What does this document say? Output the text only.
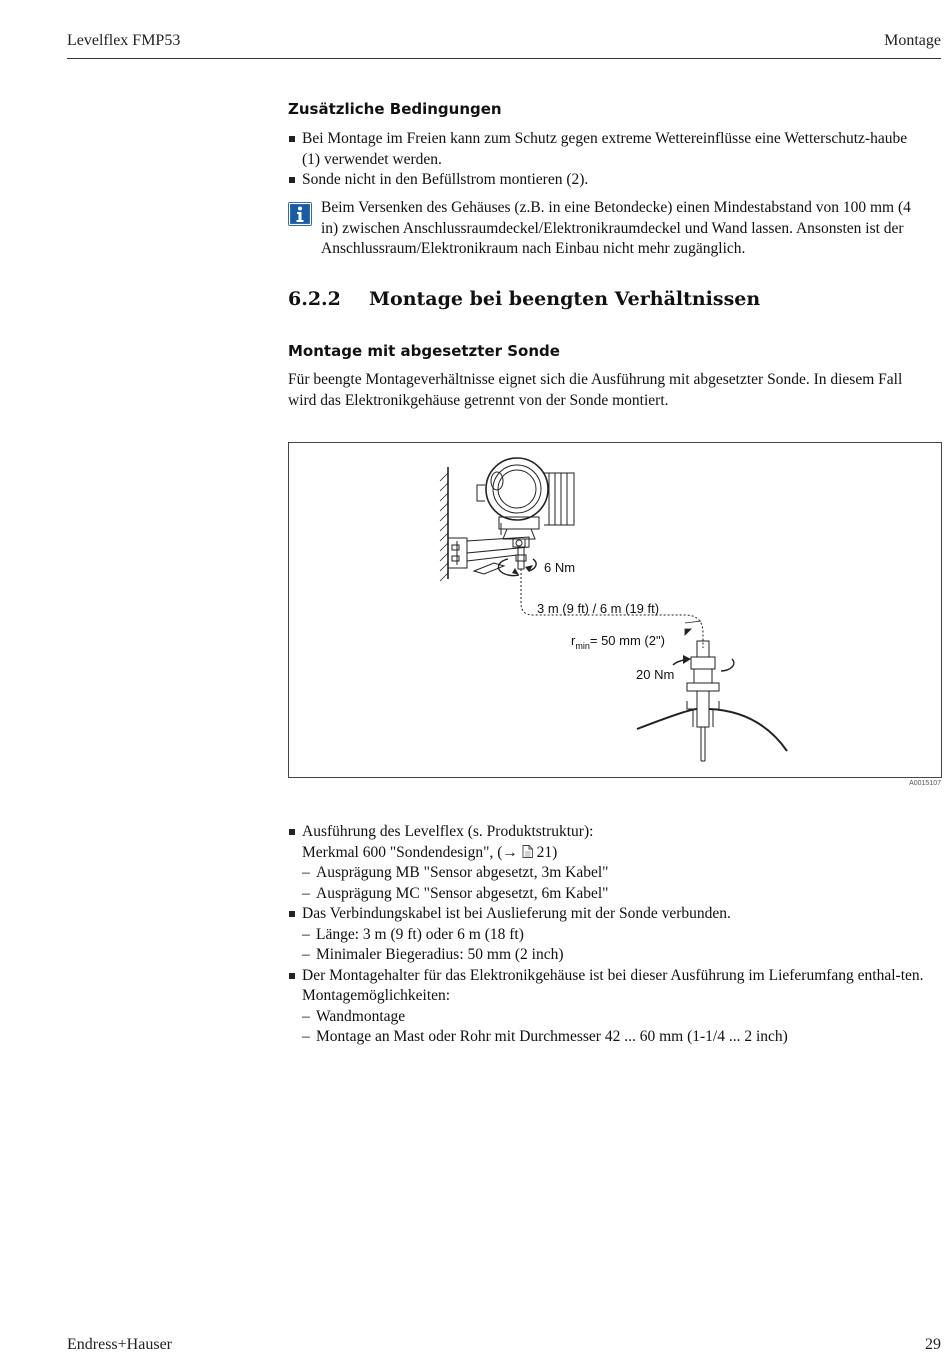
Levelflex FMP53	Montage
Zusätzliche Bedingungen
Bei Montage im Freien kann zum Schutz gegen extreme Wettereinflüsse eine Wetterschutz-haube (1) verwendet werden.
Sonde nicht in den Befüllstrom montieren (2).
Beim Versenken des Gehäuses (z.B. in eine Betondecke) einen Mindestabstand von 100 mm (4 in) zwischen Anschlussraumdeckel/Elektronikraumdeckel und Wand lassen. Ansonsten ist der Anschlussraum/Elektronikraum nach Einbau nicht mehr zugänglich.
6.2.2 Montage bei beengten Verhältnissen
Montage mit abgesetzter Sonde
Für beengte Montageverhältnisse eignet sich die Ausführung mit abgesetzter Sonde. In diesem Fall wird das Elektronikgehäuse getrennt von der Sonde montiert.
6 Nm
3 m (9 ft) / 6 m (19 ft)
$r_{min}= 50$ mm (2")
20 Nm
A0015107
Ausführung des Levelflex (s. Produktstruktur):
Merkmal 600 "Sondendesign", (→  21)
– Ausprägung MB "Sensor abgesetzt, 3m Kabel"
– Ausprägung MC "Sensor abgesetzt, 6m Kabel"
Das Verbindungskabel ist bei Auslieferung mit der Sonde verbunden.
– Länge: 3 m (9 ft) oder 6 m (18 ft)
– Minimaler Biegeradius: 50 mm (2 inch)
Der Montagehalter für das Elektronikgehäuse ist bei dieser Ausführung im Lieferumfang enthal-ten. Montagemöglichkeiten:
– Wandmontage
– Montage an Mast oder Rohr mit Durchmesser 42 ... 60 mm (1-1/4 ... 2 inch)
Endress+Hauser	29
